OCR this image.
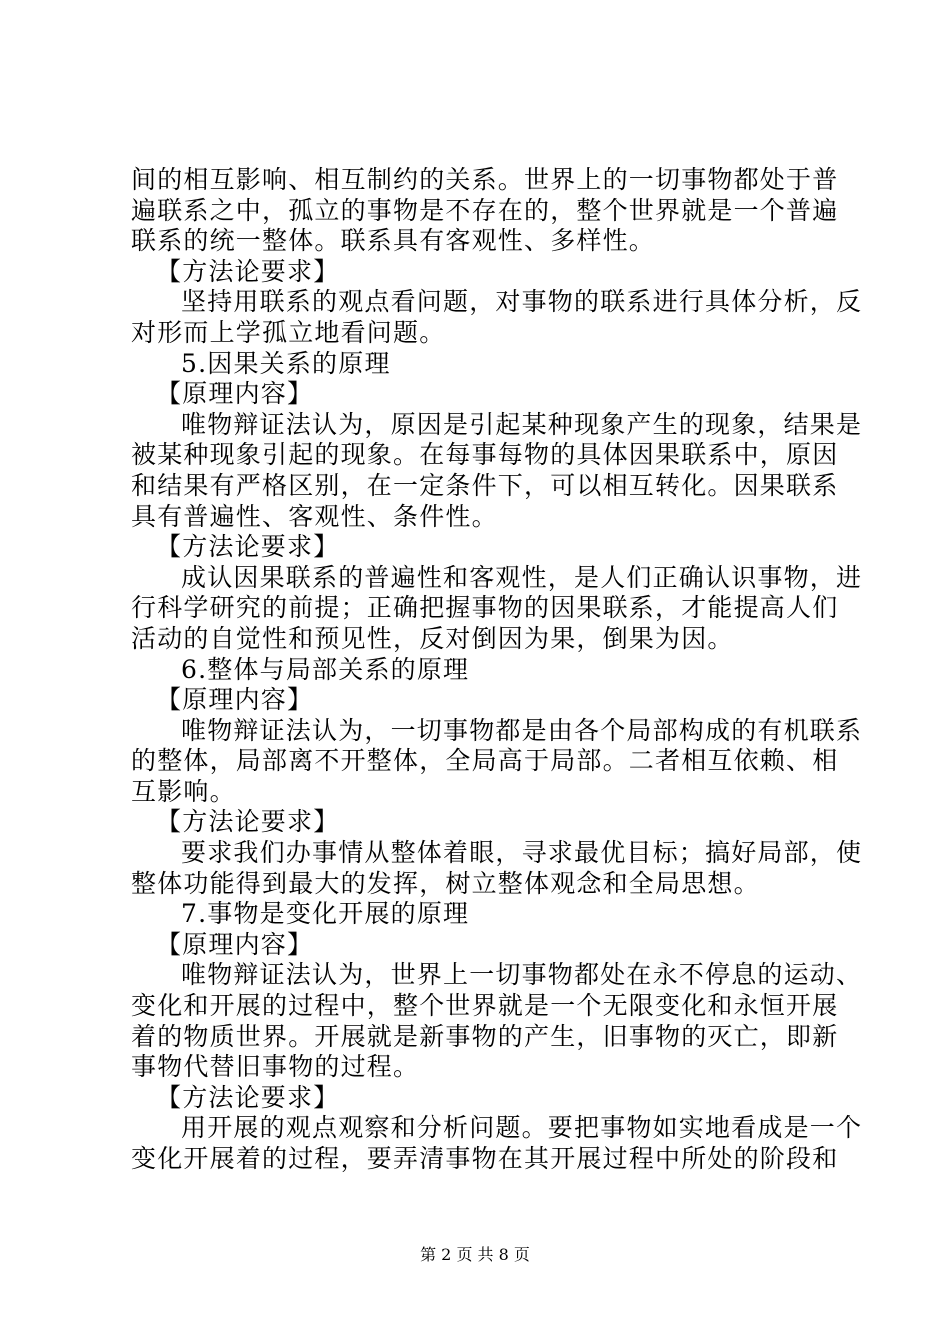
间的相互影响、相互制约的关系。世界上的一切事物都处于普
遍联系之中，孤立的事物是不存在的，整个世界就是一个普遍
联系的统一整体。联系具有客观性、多样性。
【方法论要求】
坚持用联系的观点看问题，对事物的联系进行具体分析，反
对形而上学孤立地看问题。
5.因果关系的原理
【原理内容】
唯物辩证法认为，原因是引起某种现象产生的现象，结果是
被某种现象引起的现象。在每事每物的具体因果联系中，原因
和结果有严格区别，在一定条件下，可以相互转化。因果联系
具有普遍性、客观性、条件性。
【方法论要求】
成认因果联系的普遍性和客观性，是人们正确认识事物，进
行科学研究的前提；正确把握事物的因果联系，才能提高人们
活动的自觉性和预见性，反对倒因为果，倒果为因。
6.整体与局部关系的原理
【原理内容】
唯物辩证法认为，一切事物都是由各个局部构成的有机联系
的整体，局部离不开整体，全局高于局部。二者相互依赖、相
互影响。
【方法论要求】
要求我们办事情从整体着眼，寻求最优目标；搞好局部，使
整体功能得到最大的发挥，树立整体观念和全局思想。
7.事物是变化开展的原理
【原理内容】
唯物辩证法认为，世界上一切事物都处在永不停息的运动、
变化和开展的过程中，整个世界就是一个无限变化和永恒开展
着的物质世界。开展就是新事物的产生，旧事物的灭亡，即新
事物代替旧事物的过程。
【方法论要求】
用开展的观点观察和分析问题。要把事物如实地看成是一个
变化开展着的过程，要弄清事物在其开展过程中所处的阶段和
第 2 页 共 8 页
